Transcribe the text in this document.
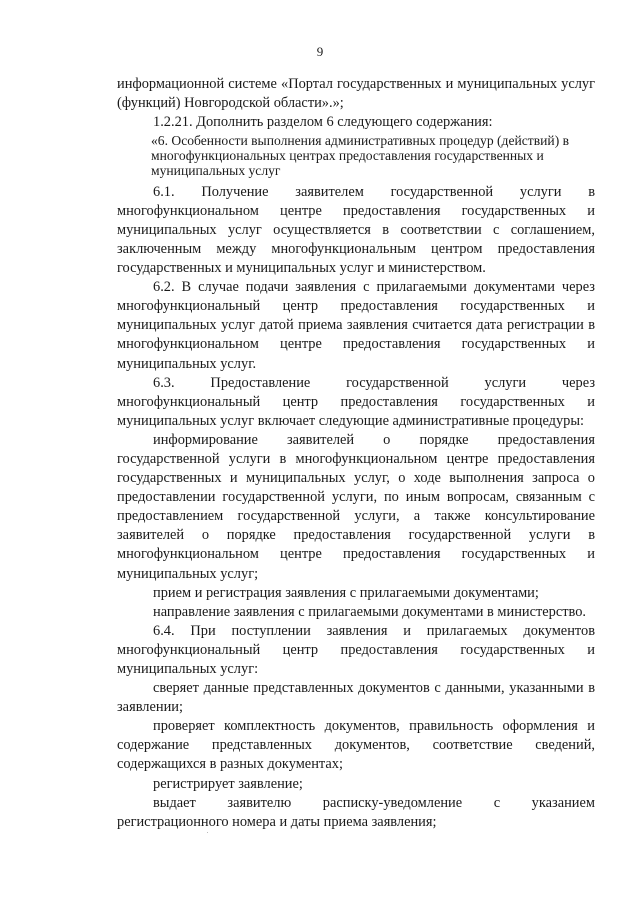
9

информационной системе «Портал государственных и муниципальных услуг (функций) Новгородской области».»;

1.2.21. Дополнить разделом 6 следующего содержания:

«6. Особенности выполнения административных процедур (действий) в многофункциональных центрах предоставления государственных и муниципальных услуг

6.1. Получение заявителем государственной услуги в многофункциональном центре предоставления государственных и муниципальных услуг осуществляется в соответствии с соглашением, заключенным между многофункциональным центром предоставления государственных и муниципальных услуг и министерством.

6.2. В случае подачи заявления с прилагаемыми документами через многофункциональный центр предоставления государственных и муниципальных услуг датой приема заявления считается дата регистрации в многофункциональном центре предоставления государственных и муниципальных услуг.

6.3. Предоставление государственной услуги через многофункциональный центр предоставления государственных и муниципальных услуг включает следующие административные процедуры:

информирование заявителей о порядке предоставления государственной услуги в многофункциональном центре предоставления государственных и муниципальных услуг, о ходе выполнения запроса о предоставлении государственной услуги, по иным вопросам, связанным с предоставлением государственной услуги, а также консультирование заявителей о порядке предоставления государственной услуги в многофункциональном центре предоставления государственных и муниципальных услуг;

прием и регистрация заявления с прилагаемыми документами;

направление заявления с прилагаемыми документами в министерство.

6.4. При поступлении заявления и прилагаемых документов многофункциональный центр предоставления государственных и муниципальных услуг:

сверяет данные представленных документов с данными, указанными в заявлении;

проверяет комплектность документов, правильность оформления и содержание представленных документов, соответствие сведений, содержащихся в разных документах;

регистрирует заявление;

выдает заявителю расписку-уведомление с указанием регистрационного номера и даты приема заявления;
